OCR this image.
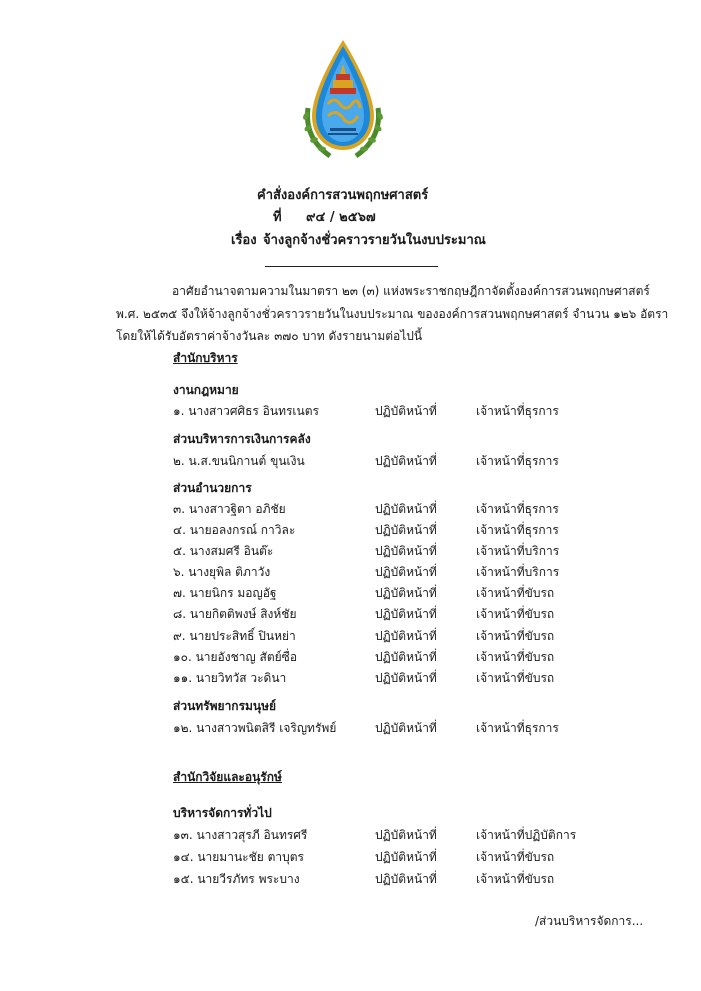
คำสั่งองค์การสวนพฤกษศาสตร์
ที่ ๙๔ / ๒๕๖๗
เรื่อง จ้างลูกจ้างชั่วคราวรายวันในงบประมาณ
อาศัยอำนาจตามความในมาตรา ๒๓ (๓) แห่งพระราชกฤษฎีกาจัดตั้งองค์การสวนพฤกษศาสตร์
พ.ศ. ๒๕๓๕ จึงให้จ้างลูกจ้างชั่วคราวรายวันในงบประมาณ ขององค์การสวนพฤกษศาสตร์ จำนวน ๑๒๖ อัตรา
โดยให้ได้รับอัตราค่าจ้างวันละ ๓๗๐ บาท ดังรายนามต่อไปนี้
สำนักบริหาร
งานกฎหมาย
๑. นางสาวศศิธร อินทรเนตร	ปฏิบัติหน้าที่	เจ้าหน้าที่ธุรการ
ส่วนบริหารการเงินการคลัง
๒. น.ส.ขนนิกานต์ ขุนเงิน	ปฏิบัติหน้าที่	เจ้าหน้าที่ธุรการ
ส่วนอำนวยการ
๓. นางสาวฐิตา อภิชัย	ปฏิบัติหน้าที่	เจ้าหน้าที่ธุรการ
๔. นายอลงกรณ์ กาวิละ	ปฏิบัติหน้าที่	เจ้าหน้าที่ธุรการ
๕. นางสมศรี อินต๊ะ	ปฏิบัติหน้าที่	เจ้าหน้าที่บริการ
๖. นางยุพิล ติภาวัง	ปฏิบัติหน้าที่	เจ้าหน้าที่บริการ
๗. นายนิกร มอญอัฐ	ปฏิบัติหน้าที่	เจ้าหน้าที่ขับรถ
๘. นายกิตติพงษ์ สิงห์ชัย	ปฏิบัติหน้าที่	เจ้าหน้าที่ขับรถ
๙. นายประสิทธิ์ ปินหย่า	ปฏิบัติหน้าที่	เจ้าหน้าที่ขับรถ
๑๐. นายอังชาญ สัตย์ซื่อ	ปฏิบัติหน้าที่	เจ้าหน้าที่ขับรถ
๑๑. นายวิทวัส วะดินา	ปฏิบัติหน้าที่	เจ้าหน้าที่ขับรถ
ส่วนทรัพยากรมนุษย์
๑๒. นางสาวพนิตสิรี เจริญทรัพย์	ปฏิบัติหน้าที่	เจ้าหน้าที่ธุรการ
สำนักวิจัยและอนุรักษ์
บริหารจัดการทั่วไป
๑๓. นางสาวสุรภี อินทรศรี	ปฏิบัติหน้าที่	เจ้าหน้าที่ปฏิบัติการ
๑๔. นายมานะชัย ตาบุตร	ปฏิบัติหน้าที่	เจ้าหน้าที่ขับรถ
๑๕. นายวีรภัทร พระบาง	ปฏิบัติหน้าที่	เจ้าหน้าที่ขับรถ
/ส่วนบริหารจัดการ...
